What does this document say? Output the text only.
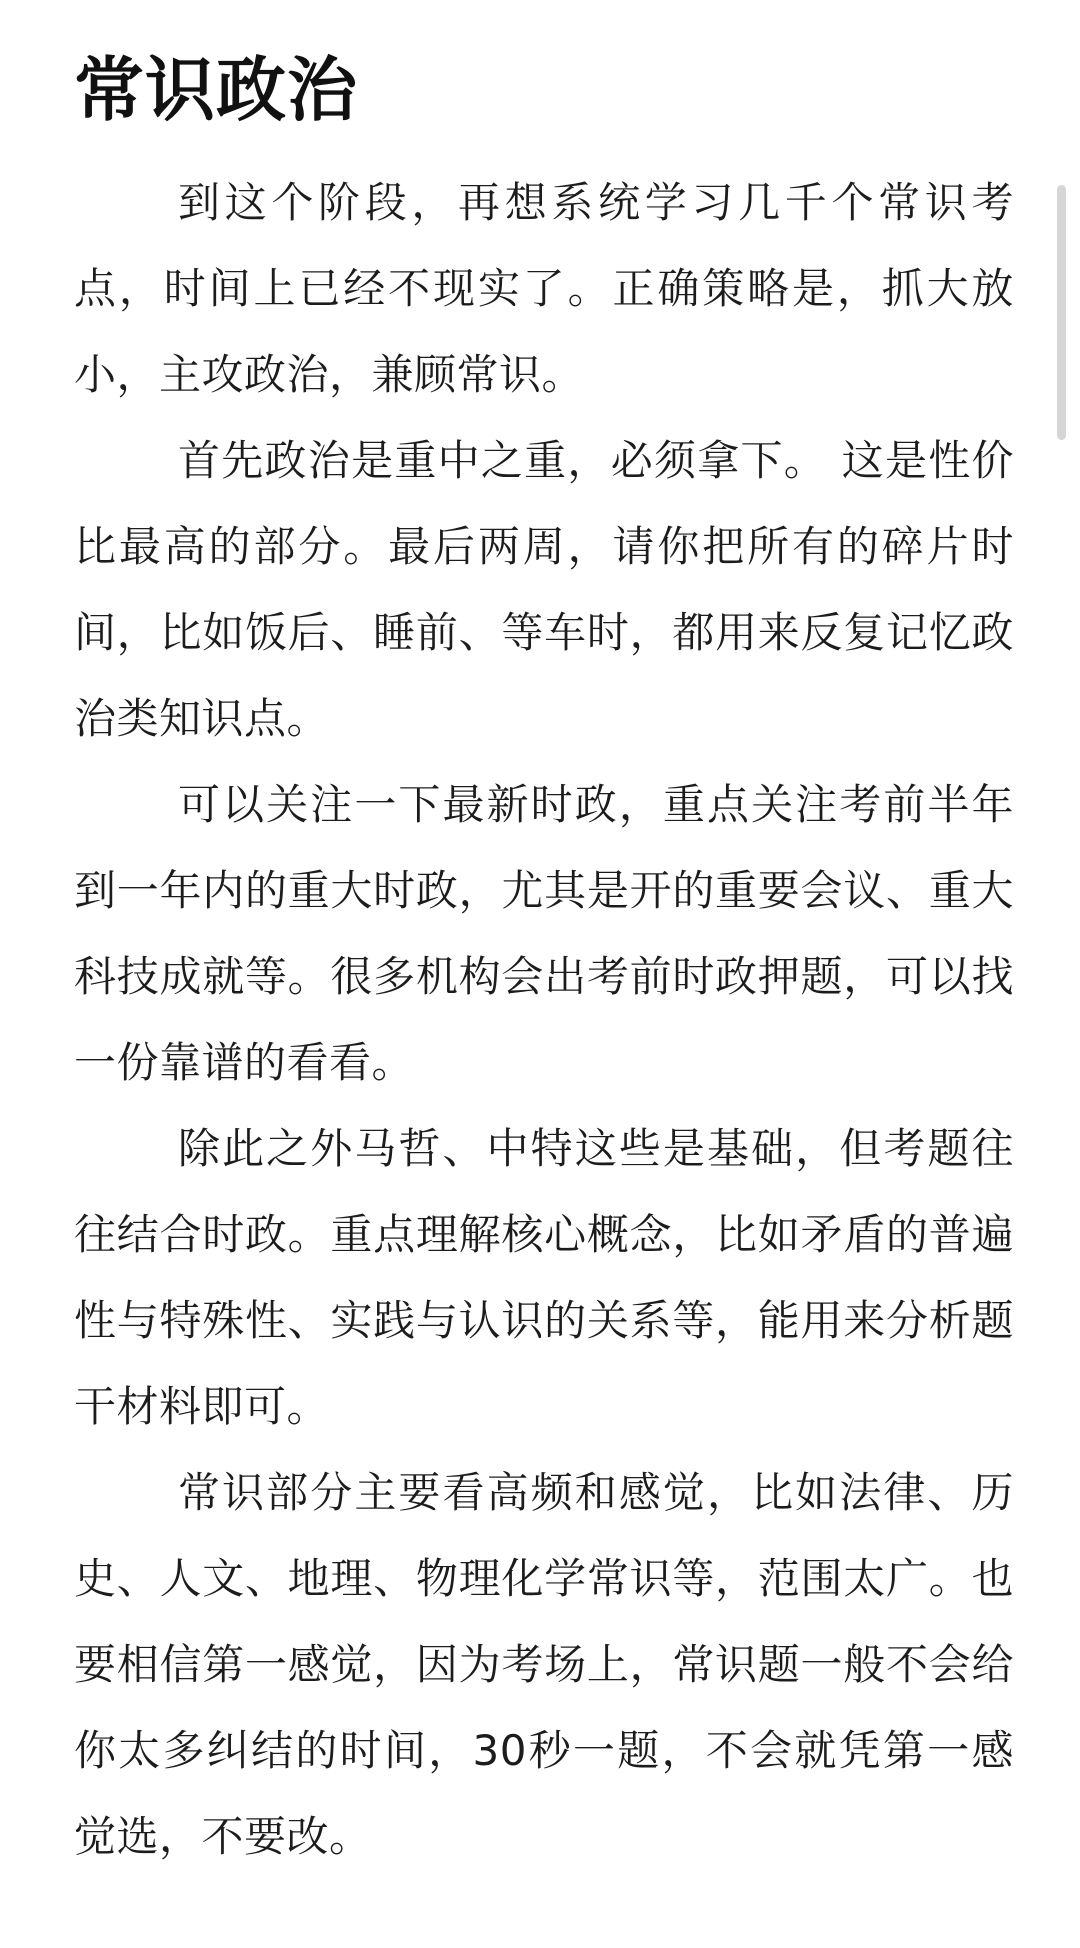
常识政治

到这个阶段，再想系统学习几千个常识考点，时间上已经不现实了。正确策略是，抓大放小，主攻政治，兼顾常识。

首先政治是重中之重，必须拿下。 这是性价比最高的部分。最后两周，请你把所有的碎片时间，比如饭后、睡前、等车时，都用来反复记忆政治类知识点。

可以关注一下最新时政，重点关注考前半年到一年内的重大时政，尤其是开的重要会议、重大科技成就等。很多机构会出考前时政押题，可以找一份靠谱的看看。

除此之外马哲、中特这些是基础，但考题往往结合时政。重点理解核心概念，比如矛盾的普遍性与特殊性、实践与认识的关系等，能用来分析题干材料即可。

常识部分主要看高频和感觉，比如法律、历史、人文、地理、物理化学常识等，范围太广。也要相信第一感觉，因为考场上，常识题一般不会给你太多纠结的时间，30秒一题，不会就凭第一感觉选，不要改。
